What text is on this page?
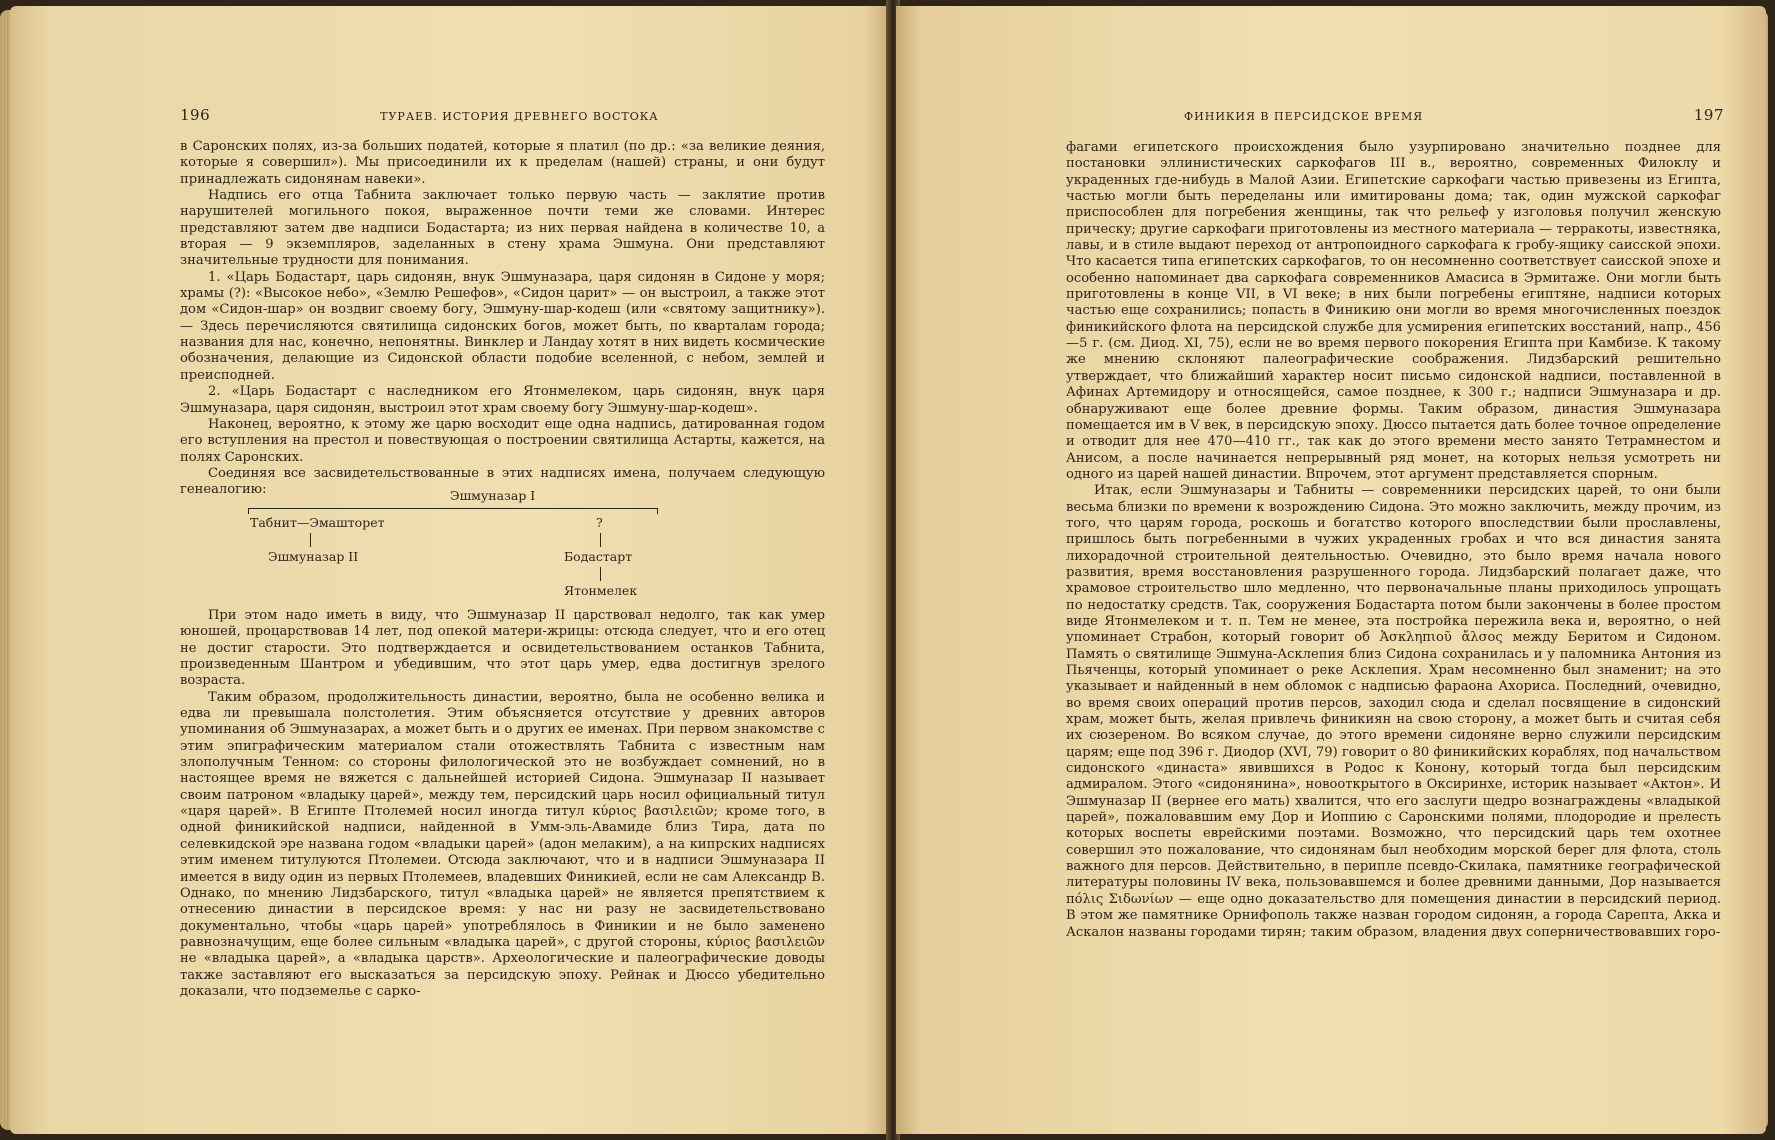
196	ТУРАЕВ. ИСТОРИЯ ДРЕВНЕГО ВОСТОКА

в Саронских полях, из-за больших податей, которые я платил (по др.: «за великие деяния, которые я совершил»). Мы присоединили их к пределам (нашей) страны, и они будут принадлежать сидонянам навеки».

Надпись его отца Табнита заключает только первую часть — заклятие против нарушителей могильного покоя, выраженное почти теми же словами. Интерес представляют затем две надписи Бодастарта; из них первая найдена в количестве 10, а вторая — 9 экземпляров, заделанных в стену храма Эшмуна. Они представляют значительные трудности для понимания.

1. «Царь Бодастарт, царь сидонян, внук Эшмуназара, царя сидонян в Сидоне у моря; храмы (?): «Высокое небо», «Землю Решефов», «Сидон царит» — он выстроил, а также этот дом «Сидон-шар» он воздвиг своему богу, Эшмуну-шар-кодеш (или «святому защитнику»). — Здесь перечисляются святилища сидонских богов, может быть, по кварталам города; названия для нас, конечно, непонятны. Винклер и Ландау хотят в них видеть космические обозначения, делающие из Сидонской области подобие вселенной, с небом, землей и преисподней.

2. «Царь Бодастарт с наследником его Ятонмелеком, царь сидонян, внук царя Эшмуназара, царя сидонян, выстроил этот храм своему богу Эшмуну-шар-кодеш».

Наконец, вероятно, к этому же царю восходит еще одна надпись, датированная годом его вступления на престол и повествующая о построении святилища Астарты, кажется, на полях Саронских.

Соединяя все засвидетельствованные в этих надписях имена, получаем следующую генеалогию:	Эшмуназар I
Табнит—Эмашторет	?
Эшмуназар II	Бодастарт
Ятонмелек

При этом надо иметь в виду, что Эшмуназар II царствовал недолго, так как умер юношей, процарствовав 14 лет, под опекой матери-жрицы: отсюда следует, что и его отец не достиг старости. Это подтверждается и освидетельствованием останков Табнита, произведенным Шантром и убедившим, что этот царь умер, едва достигнув зрелого возраста.

Таким образом, продолжительность династии, вероятно, была не особенно велика и едва ли превышала полстолетия. Этим объясняется отсутствие у древних авторов упоминания об Эшмуназарах, а может быть и о других ее именах. При первом знакомстве с этим эпиграфическим материалом стали отожествлять Табнита с известным нам злополучным Тенном: со стороны филологической это не возбуждает сомнений, но в настоящее время не вяжется с дальнейшей историей Сидона. Эшмуназар II называет своим патроном «владыку царей», между тем, персидский царь носил официальный титул «царя царей». В Египте Птолемей носил иногда титул κύριος βασιλειῶν; кроме того, в одной финикийской надписи, найденной в Умм-эль-Авамиде близ Тира, дата по селевкидской эре названа годом «владыки царей» (адон мелаким), а на кипрских надписях этим именем титулуются Птолемеи. Отсюда заключают, что и в надписи Эшмуназара II имеется в виду один из первых Птолемеев, владевших Финикией, если не сам Александр В. Однако, по мнению Лидзбарского, титул «владыка царей» не является препятствием к отнесению династии в персидское время: у нас ни разу не засвидетельствовано документально, чтобы «царь царей» употреблялось в Финикии и не было заменено равнозначущим, еще более сильным «владыка царей», с другой стороны, κύριος βασιλειῶν не «владыка царей», а «владыка царств». Археологические и палеографические доводы также заставляют его высказаться за персидскую эпоху. Рейнак и Дюссо убедительно доказали, что подземелье с сарко-

ФИНИКИЯ В ПЕРСИДСКОЕ ВРЕМЯ	197

фагами египетского происхождения было узурпировано значительно позднее для постановки эллинистических саркофагов III в., вероятно, современных Филоклу и украденных где-нибудь в Малой Азии. Египетские саркофаги частью привезены из Египта, частью могли быть переделаны или имитированы дома; так, один мужской саркофаг приспособлен для погребения женщины, так что рельеф у изголовья получил женскую прическу; другие саркофаги приготовлены из местного материала — терракоты, известняка, лавы, и в стиле выдают переход от антропоидного саркофага к гробу-ящику саисской эпохи. Что касается типа египетских саркофагов, то он несомненно соответствует саисской эпохе и особенно напоминает два саркофага современников Амасиса в Эрмитаже. Они могли быть приготовлены в конце VII, в VI веке; в них были погребены египтяне, надписи которых частью еще сохранились; попасть в Финикию они могли во время многочисленных поездок финикийского флота на персидской службе для усмирения египетских восстаний, напр., 456—5 г. (см. Диод. XI, 75), если не во время первого покорения Египта при Камбизе. К такому же мнению склоняют палеографические соображения. Лидзбарский решительно утверждает, что ближайший характер носит письмо сидонской надписи, поставленной в Афинах Артемидору и относящейся, самое позднее, к 300 г.; надписи Эшмуназара и др. обнаруживают еще более древние формы. Таким образом, династия Эшмуназара помещается им в V век, в персидскую эпоху. Дюссо пытается дать более точное определение и отводит для нее 470—410 гг., так как до этого времени место занято Тетрамнестом и Анисом, а после начинается непрерывный ряд монет, на которых нельзя усмотреть ни одного из царей нашей династии. Впрочем, этот аргумент представляется спорным.

Итак, если Эшмуназары и Табниты — современники персидских царей, то они были весьма близки по времени к возрождению Сидона. Это можно заключить, между прочим, из того, что царям города, роскошь и богатство которого впоследствии были прославлены, пришлось быть погребенными в чужих украденных гробах и что вся династия занята лихорадочной строительной деятельностью. Очевидно, это было время начала нового развития, время восстановления разрушенного города. Лидзбарский полагает даже, что храмовое строительство шло медленно, что первоначальные планы приходилось упрощать по недостатку средств. Так, сооружения Бодастарта потом были закончены в более простом виде Ятонмелеком и т. п. Тем не менее, эта постройка пережила века и, вероятно, о ней упоминает Страбон, который говорит об Ἀσκληπιοῦ ἄλσος между Беритом и Сидоном. Память о святилище Эшмуна-Асклепия близ Сидона сохранилась и у паломника Антония из Пьяченцы, который упоминает о реке Асклепия. Храм несомненно был знаменит; на это указывает и найденный в нем обломок с надписью фараона Ахориса. Последний, очевидно, во время своих операций против персов, заходил сюда и сделал посвящение в сидонский храм, может быть, желая привлечь финикиян на свою сторону, а может быть и считая себя их сюзереном. Во всяком случае, до этого времени сидоняне верно служили персидским царям; еще под 396 г. Диодор (XVI, 79) говорит о 80 финикийских кораблях, под начальством сидонского «династа» явившихся в Родос к Конону, который тогда был персидским адмиралом. Этого «сидонянина», новооткрытого в Оксиринхе, историк называет «Актон». И Эшмуназар II (вернее его мать) хвалится, что его заслуги щедро вознаграждены «владыкой царей», пожаловавшим ему Дор и Иоппию с Саронскими полями, плодородие и прелесть которых воспеты еврейскими поэтами. Возможно, что персидский царь тем охотнее совершил это пожалование, что сидонянам был необходим морской берег для флота, столь важного для персов. Действительно, в периплe псевдо-Скилака, памятнике географической литературы половины IV века, пользовавшемся и более древними данными, Дор называется πόλις Σιδωνίων — еще одно доказательство для помещения династии в персидский период. В этом же памятнике Орнифополь также назван городом сидонян, а города Сарепта, Акка и Аскалон названы городами тирян; таким образом, владения двух соперничествовавших горо-
